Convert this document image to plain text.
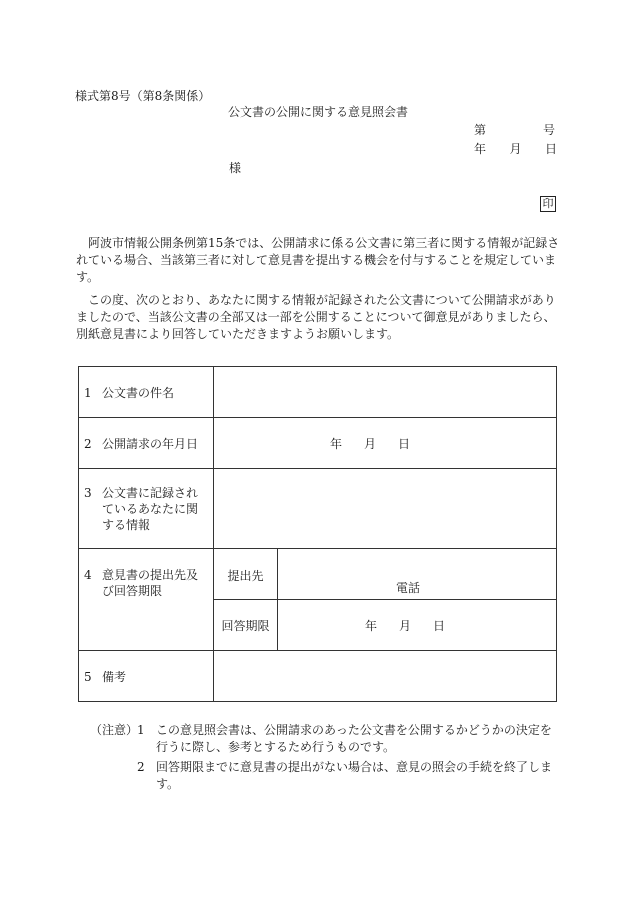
様式第8号（第8条関係）
公文書の公開に関する意見照会書
第	号
年 月 日
様
印
阿波市情報公開条例第15条では、公開請求に係る公文書に第三者に関する情報が記録されている場合、当該第三者に対して意見書を提出する機会を付与することを規定しています。
この度、次のとおり、あなたに関する情報が記録された公文書について公開請求がありましたので、当該公文書の全部又は一部を公開することについて御意見がありましたら、別紙意見書により回答していただきますようお願いします。
1 公文書の件名		
2 公開請求の年月日	年 月 日	

3 公文書に記録されているあなたに関する情報		

4 意見書の提出先及び回答期限	提出先	電話

	回答期限	年 月 日

5 備考		
（注意）
1 この意見照会書は、公開請求のあった公文書を公開するかどうかの決定を行うに際し、参考とするため行うものです。
2 回答期限までに意見書の提出がない場合は、意見の照会の手続を終了します。
